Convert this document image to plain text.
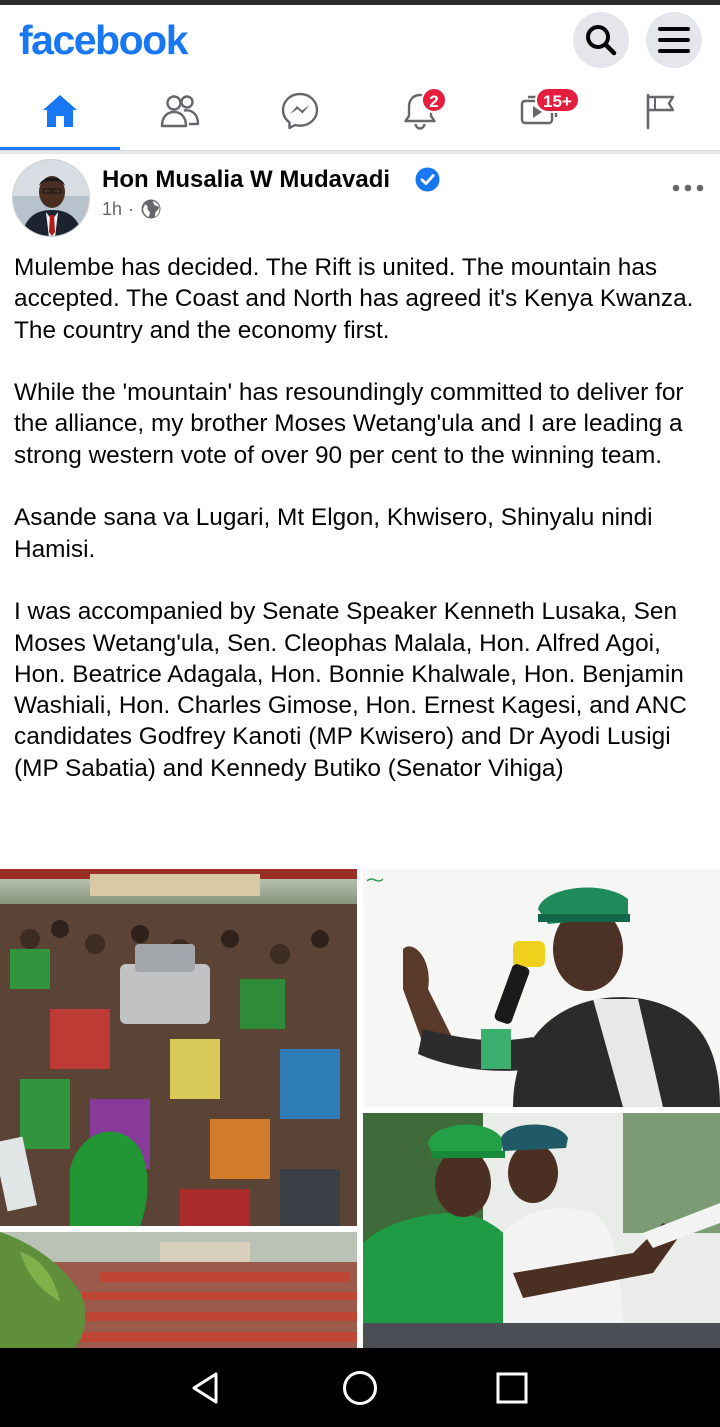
facebook
2	15+
Hon Musalia W Mudavadi
1h ·

Mulembe has decided. The Rift is united. The mountain has accepted. The Coast and North has agreed it's Kenya Kwanza. The country and the economy first.

While the 'mountain' has resoundingly committed to deliver for the alliance, my brother Moses Wetang'ula and I are leading a strong western vote of over 90 per cent to the winning team.

Asande sana va Lugari, Mt Elgon, Khwisero, Shinyalu nindi Hamisi.

I was accompanied by Senate Speaker Kenneth Lusaka, Sen Moses Wetang'ula, Sen. Cleophas Malala, Hon. Alfred Agoi, Hon. Beatrice Adagala, Hon. Bonnie Khalwale, Hon. Benjamin Washiali, Hon. Charles Gimose, Hon. Ernest Kagesi, and ANC candidates Godfrey Kanoti (MP Kwisero) and Dr Ayodi Lusigi (MP Sabatia) and Kennedy Butiko (Senator Vihiga)
